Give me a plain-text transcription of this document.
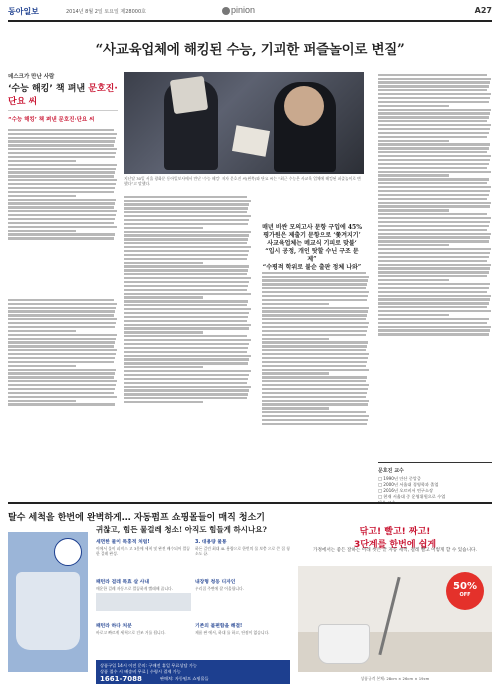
동아일보	2014년 8월 2일 토요일 제28000호	pinion	A27
“사교육업체에 해킹된 수능, 기괴한 퍼즐놀이로 변질”
데스크가 만난 사람
‘수능 해킹’ 책 펴낸 문호진·단요 씨
“수능 해킹’ 책 펴낸 문호진·단요 씨
지난달 30일 서울 광화문 동아일보사에서 만난 ‘수능 해킹’ 저자 문호진 씨(왼쪽)와 단요 씨는 “최근 수능은 사교육 업체에 해킹된 퍼즐놀이로 변했다”고 말했다.
매년 비싼 모의고사 문항 구입에 45%
평가원은 제출기 문항으로 ‘쫓겨지기’
사교육업체는 메교식 기피로 맞불‘
“입시 공정, 개인 탓할 수닌 구조 문제”
“수평적 학위로 불순 출판 정체 나와”
문호진 교수
□ 1990년 안산 중앙증
□ 2000년 서울대 경영학과 졸업
□ 2016년 오르비서 연구소장
□ 현재 서울대 중 운영위원으로 수업
탈수 세척을 한번에 완벽하게… 자동펌프 쇼핑몰들이 매직 청소기
귀찮고, 힘든 물걸레 청소! 아직도 힘들게 하시나요?
세면한 물이 특홍적 처럼!
이에서 물이 피직스 고 3분에 세척 및 완전 배수되어 깔끔한 걸레 완성.
3. 대용량 물통
하든 걸린 최대 4L 용량으로 한번의 물 보충 으로 큰 집 청소도 끝.
패턴라 걸레 특효 살 사내
매운한 걸레 자동으로 깔끔하게 빨래해 줍니다.
내장형 청동 디자인
우리집 주변에 잘 어울립니다.
패턴라 하다 처분
바로고 빠르게 세척으로 건조 거를 됩니다.
기존의 불편함을 해결!
제품 판 에서, 하대 를 하고, 단점이 없습니다.
상품구입 14시 이전 문의: 구매전 휴일 무료상담 가능
상품 접수 시 배송비 무료 | 수령시 결제 가능
1661-7088	판매처: 자동펌프 쇼핑몰들
닦고! 빨고! 짜고!
3단계를 한번에 쉽게
가정에서는 좋든 잘하는 이래 씻은 끝 자동 세척, 걸레 빨고 이렇게 할 수 있습니다.
50%
OFF
상품규격 본체: 28cm × 26cm × 19cm
